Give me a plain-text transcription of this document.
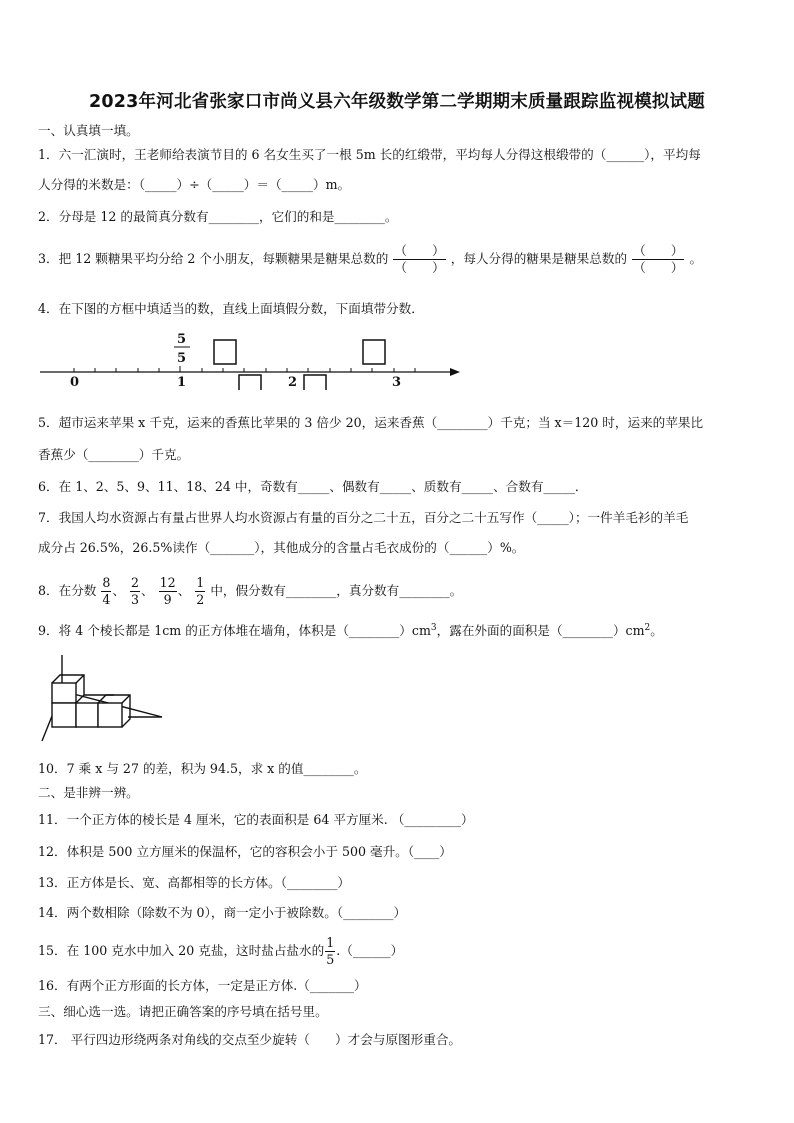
2023年河北省张家口市尚义县六年级数学第二学期期末质量跟踪监视模拟试题
一、认真填一填。
1．六一汇演时，王老师给表演节目的 6 名女生买了一根 5m 长的红缎带，平均每人分得这根缎带的（______），平均每
人分得的米数是：（_____）÷（_____）＝（_____）m。
2．分母是 12 的最简真分数有________，它们的和是________。
3．把 12 颗糖果平均分给 2 个小朋友，每颗糖果是糖果总数的 $\frac{( )}{( )}$ ，每人分得的糖果是糖果总数的 $\frac{( )}{( )}$ 。
4．在下图的方框中填适当的数，直线上面填假分数，下面填带分数．
0	1	2	3
5
5
5．超市运来苹果 x 千克，运来的香蕉比苹果的 3 倍少 20，运来香蕉（________）千克；当 x＝120 时，运来的苹果比
香蕉少（________）千克。
6．在 1、2、5、9、11、18、24 中，奇数有_____、偶数有_____、质数有_____、合数有_____．
7．我国人均水资源占有量占世界人均水资源占有量的百分之二十五，百分之二十五写作（_____）；一件羊毛衫的羊毛
成分占 26.5%，26.5%读作（_______），其他成分的含量占毛衣成份的（______）%。
8．在分数 $\frac{8}{4}$ 、 $\frac{2}{3}$ 、 $\frac{12}{9}$ 、 $\frac{1}{2}$ 中，假分数有________，真分数有________。
9．将 4 个棱长都是 1cm 的正方体堆在墙角，体积是$(\_\_\_\_\_\_\_\_)cm^3$，露在外面的面积是$(\_\_\_\_\_\_\_\_)cm^2$。
10．7 乘 x 与 27 的差，积为 94.5，求 x 的值________。
二、是非辨一辨。
11．一个正方体的棱长是 4 厘米，它的表面积是 64 平方厘米. （_________）
12．体积是 500 立方厘米的保温杯，它的容积会小于 500 毫升。（____）
13．正方体是长、宽、高都相等的长方体。（________）
14．两个数相除（除数不为 0），商一定小于被除数。（________）
15．在 100 克水中加入 20 克盐，这时盐占盐水的 $\frac{1}{5}$ .（______）
16．有两个正方形面的长方体，一定是正方体.（_______）
三、细心选一选。请把正确答案的序号填在括号里。
17． 平行四边形绕两条对角线的交点至少旋转（　　）才会与原图形重合。
